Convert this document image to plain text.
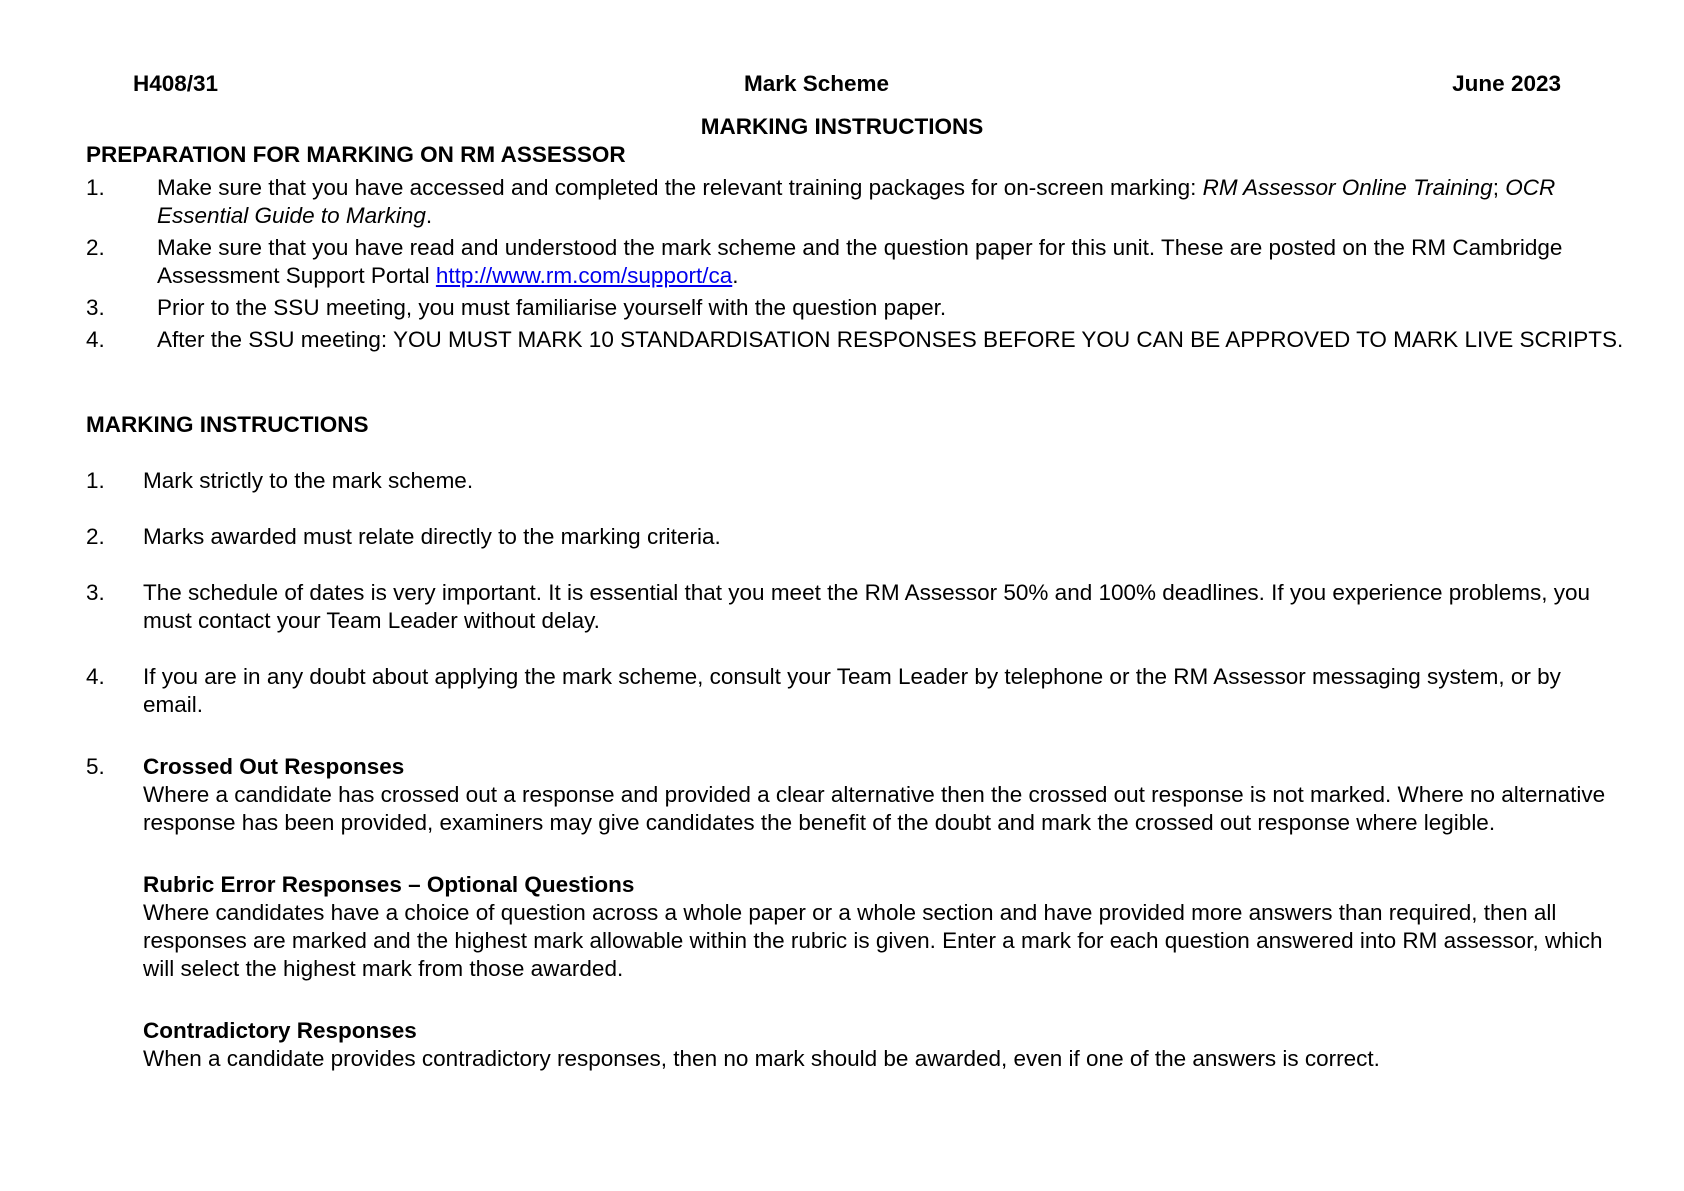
H408/31	Mark Scheme	June 2023
MARKING INSTRUCTIONS
PREPARATION FOR MARKING ON RM ASSESSOR
1. Make sure that you have accessed and completed the relevant training packages for on-screen marking: RM Assessor Online Training; OCR Essential Guide to Marking.
2. Make sure that you have read and understood the mark scheme and the question paper for this unit. These are posted on the RM Cambridge Assessment Support Portal http://www.rm.com/support/ca.
3. Prior to the SSU meeting, you must familiarise yourself with the question paper.
4. After the SSU meeting: YOU MUST MARK 10 STANDARDISATION RESPONSES BEFORE YOU CAN BE APPROVED TO MARK LIVE SCRIPTS.
MARKING INSTRUCTIONS
1. Mark strictly to the mark scheme.
2. Marks awarded must relate directly to the marking criteria.
3. The schedule of dates is very important. It is essential that you meet the RM Assessor 50% and 100% deadlines. If you experience problems, you must contact your Team Leader without delay.
4. If you are in any doubt about applying the mark scheme, consult your Team Leader by telephone or the RM Assessor messaging system, or by email.
5. Crossed Out Responses
Where a candidate has crossed out a response and provided a clear alternative then the crossed out response is not marked. Where no alternative response has been provided, examiners may give candidates the benefit of the doubt and mark the crossed out response where legible.
Rubric Error Responses – Optional Questions
Where candidates have a choice of question across a whole paper or a whole section and have provided more answers than required, then all responses are marked and the highest mark allowable within the rubric is given. Enter a mark for each question answered into RM assessor, which will select the highest mark from those awarded.
Contradictory Responses
When a candidate provides contradictory responses, then no mark should be awarded, even if one of the answers is correct.
